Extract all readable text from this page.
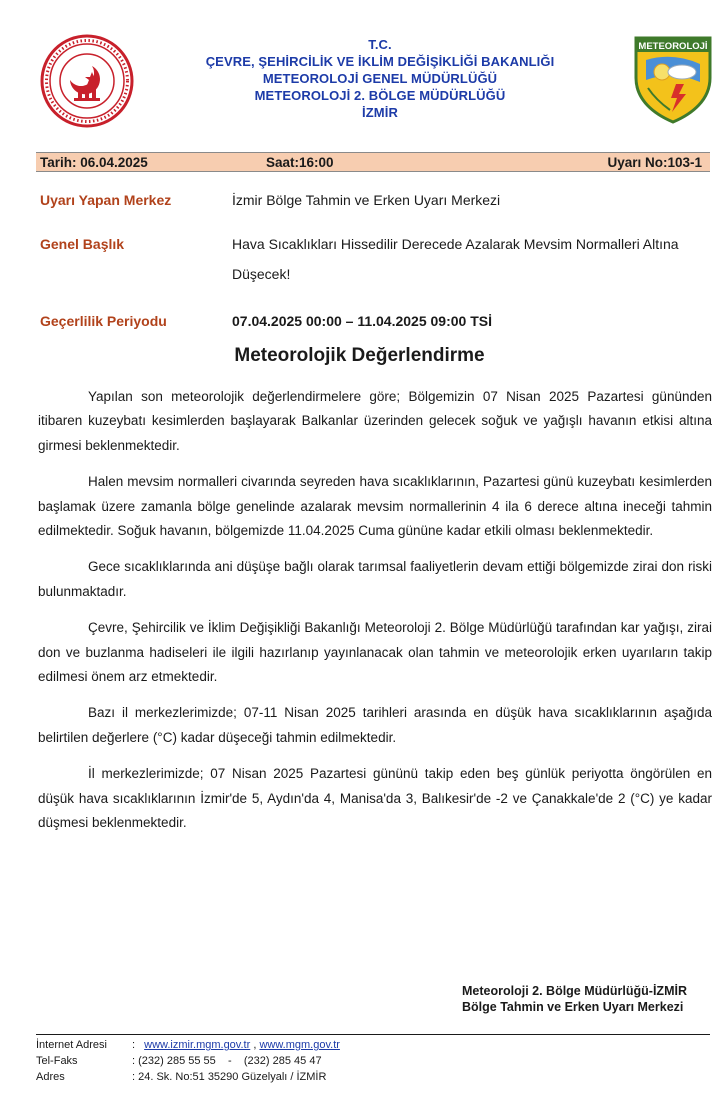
T.C.
ÇEVRE, ŞEHİRCİLİK VE İKLİM DEĞİŞİKLİĞİ BAKANLIĞI
METEOROLOJİ GENEL MÜDÜRLÜĞÜ
METEOROLOJİ 2. BÖLGE MÜDÜRLÜĞÜ
İZMİR
METEOROLOJİ
Tarih: 06.04.2025	Saat:16:00	Uyarı No:103-1
Uyarı Yapan Merkez	İzmir Bölge Tahmin ve Erken Uyarı Merkezi
Genel Başlık	Hava Sıcaklıkları Hissedilir Derecede Azalarak Mevsim Normalleri Altına Düşecek!
Geçerlilik Periyodu	07.04.2025 00:00 – 11.04.2025 09:00 TSİ
Meteorolojik Değerlendirme

Yapılan son meteorolojik değerlendirmelere göre; Bölgemizin 07 Nisan 2025 Pazartesi gününden itibaren kuzeybatı kesimlerden başlayarak Balkanlar üzerinden gelecek soğuk ve yağışlı havanın etkisi altına girmesi beklenmektedir.

Halen mevsim normalleri civarında seyreden hava sıcaklıklarının, Pazartesi günü kuzeybatı kesimlerden başlamak üzere zamanla bölge genelinde azalarak mevsim normallerinin 4 ila 6 derece altına ineceği tahmin edilmektedir. Soğuk havanın, bölgemizde 11.04.2025 Cuma gününe kadar etkili olması beklenmektedir.

Gece sıcaklıklarında ani düşüşe bağlı olarak tarımsal faaliyetlerin devam ettiği bölgemizde zirai don riski bulunmaktadır.

Çevre, Şehircilik ve İklim Değişikliği Bakanlığı Meteoroloji 2. Bölge Müdürlüğü tarafından kar yağışı, zirai don ve buzlanma hadiseleri ile ilgili hazırlanıp yayınlanacak olan tahmin ve meteorolojik erken uyarıların takip edilmesi önem arz etmektedir.

Bazı il merkezlerimizde; 07-11 Nisan 2025 tarihleri arasında en düşük hava sıcaklıklarının aşağıda belirtilen değerlere (°C) kadar düşeceği tahmin edilmektedir.

İl merkezlerimizde; 07 Nisan 2025 Pazartesi gününü takip eden beş günlük periyotta öngörülen en düşük hava sıcaklıklarının İzmir'de 5, Aydın'da 4, Manisa'da 3, Balıkesir'de -2 ve Çanakkale'de 2 (°C) ye kadar düşmesi beklenmektedir.

Meteoroloji 2. Bölge Müdürlüğü-İZMİR
Bölge Tahmin ve Erken Uyarı Merkezi
İnternet Adresi	: www.izmir.mgm.gov.tr , www.mgm.gov.tr
Tel-Faks	: (232) 285 55 55    -    (232) 285 45 47
Adres	: 24. Sk. No:51 35290 Güzelyalı / İZMİR
